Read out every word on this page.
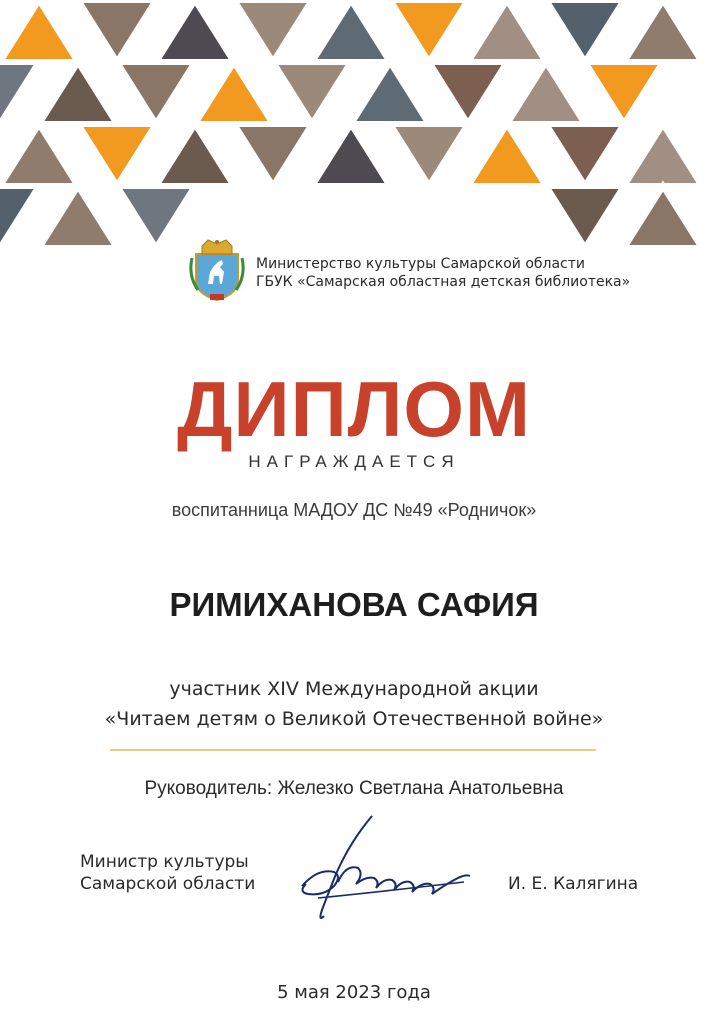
Министерство культуры Самарской области
ГБУК «Самарская областная детская библиотека»
ДИПЛОМ
НАГРАЖДАЕТСЯ
воспитанница МАДОУ ДС №49 «Родничок»
РИМИХАНОВА САФИЯ
участник XIV Международной акции
«Читаем детям о Великой Отечественной войне»
Руководитель: Железко Светлана Анатольевна
Министр культуры
Самарской области	И. Е. Калягина
5 мая 2023 года
